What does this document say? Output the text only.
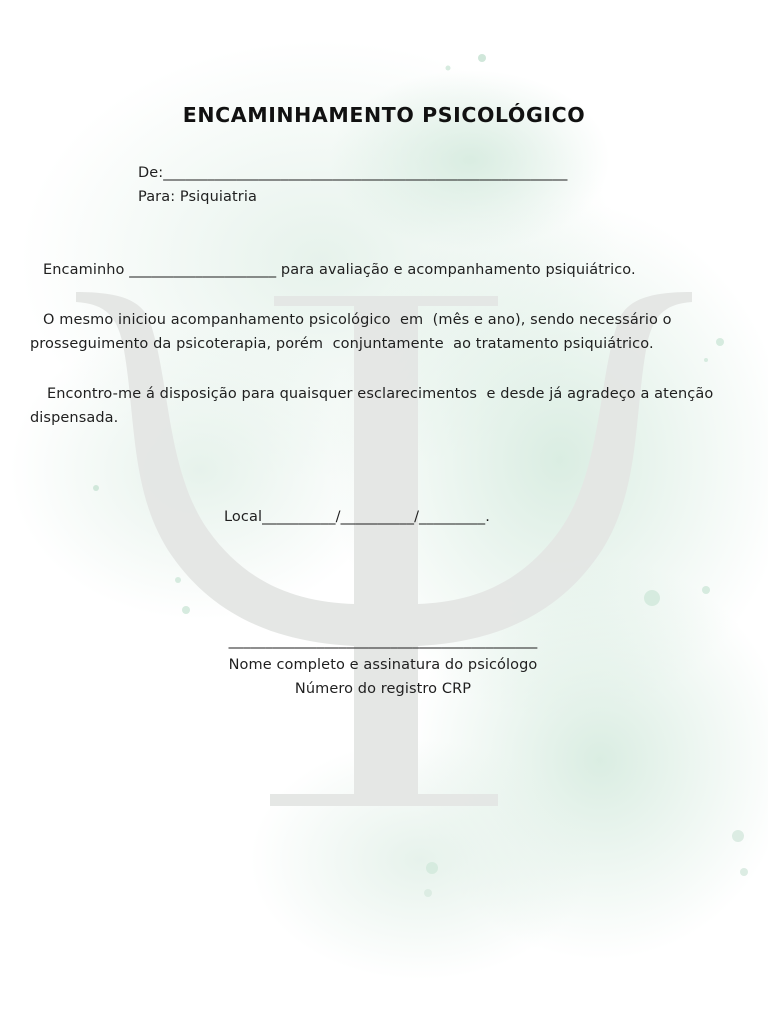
ENCAMINHAMENTO PSICOLÓGICO
De:_______________________________________________________
Para: Psiquiatria
Encaminho ____________________ para avaliação e acompanhamento psiquiátrico.
O mesmo iniciou acompanhamento psicológico  em  (mês e ano), sendo necessário o
prosseguimento da psicoterapia, porém  conjuntamente  ao tratamento psiquiátrico.
Encontro-me á disposição para quaisquer esclarecimentos  e desde já agradeço a atenção
dispensada.
Local__________/__________/_________.
__________________________________________
Nome completo e assinatura do psicólogo
Número do registro CRP
